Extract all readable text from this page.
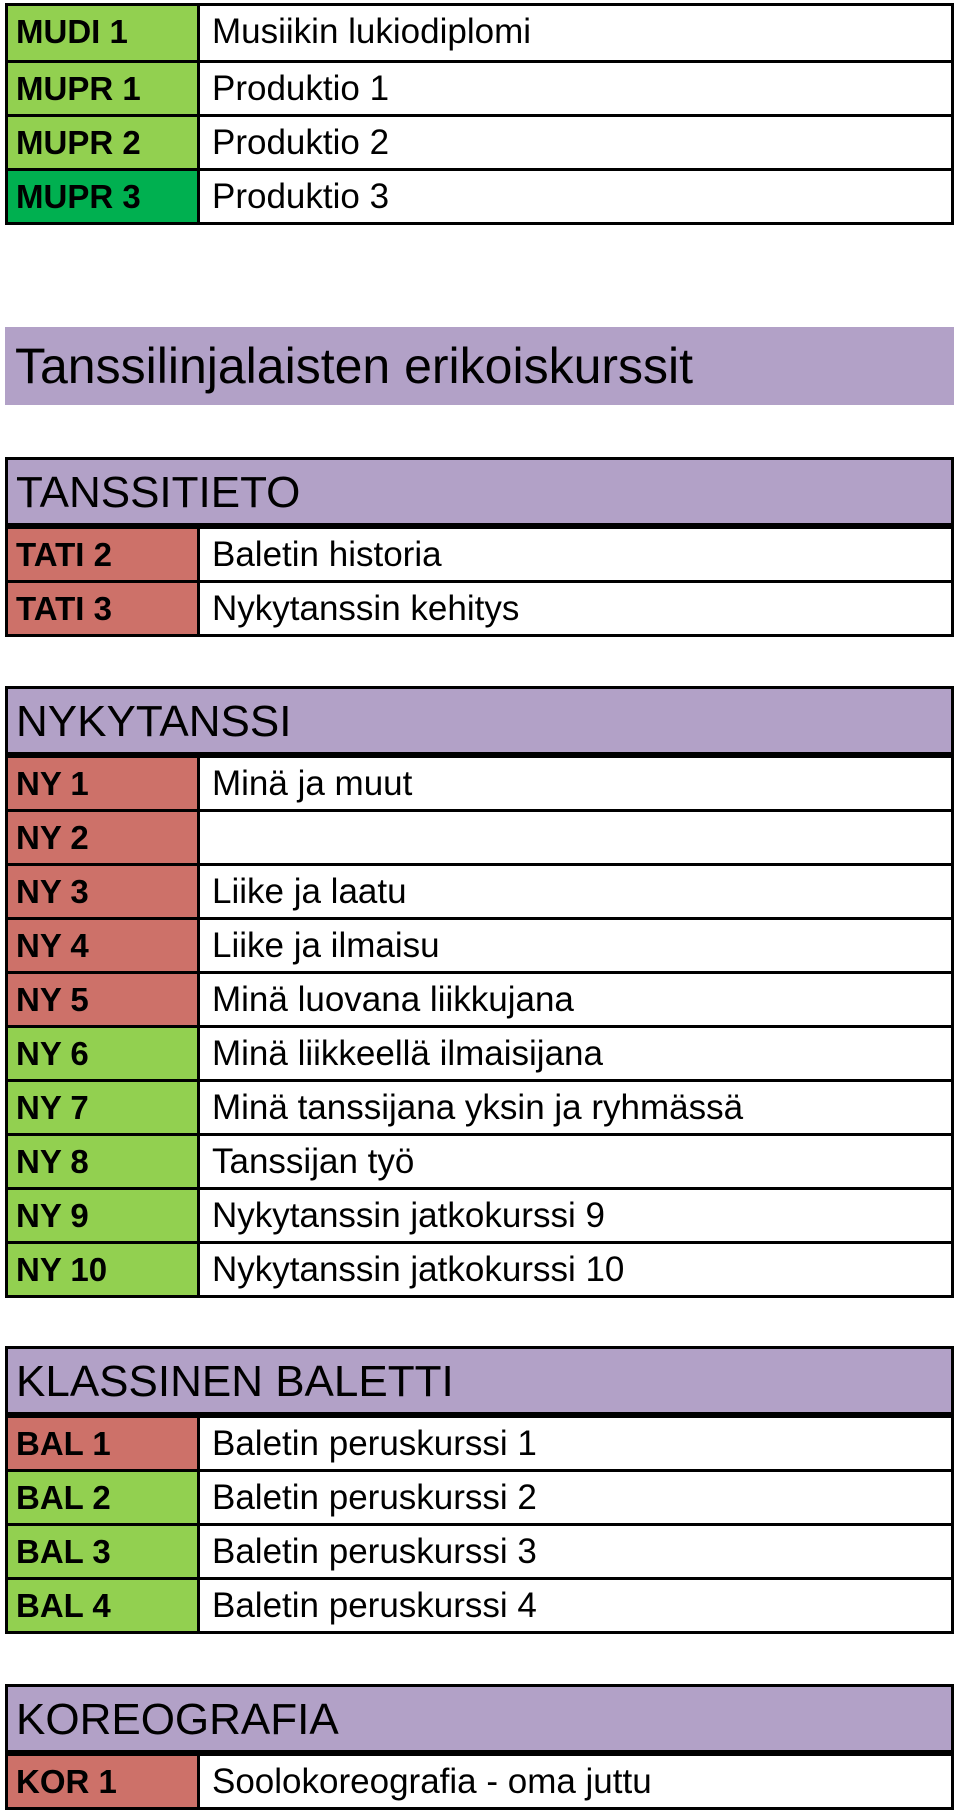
MUDI 1	Musiikin lukiodiplomi
MUPR 1	Produktio 1
MUPR 2	Produktio 2
MUPR 3	Produktio 3
Tanssilinjalaisten erikoiskurssit
TANSSITIETO
TATI 2	Baletin historia
TATI 3	Nykytanssin kehitys
NYKYTANSSI
NY 1	Minä ja muut
NY 2
NY 3	Liike ja laatu
NY 4	Liike ja ilmaisu
NY 5	Minä luovana liikkujana
NY 6	Minä liikkeellä ilmaisijana
NY 7	Minä tanssijana yksin ja ryhmässä
NY 8	Tanssijan työ
NY 9	Nykytanssin jatkokurssi 9
NY 10	Nykytanssin jatkokurssi 10
KLASSINEN BALETTI
BAL 1	Baletin peruskurssi 1
BAL 2	Baletin peruskurssi 2
BAL 3	Baletin peruskurssi 3
BAL 4	Baletin peruskurssi 4
KOREOGRAFIA
KOR 1	Soolokoreografia - oma juttu
